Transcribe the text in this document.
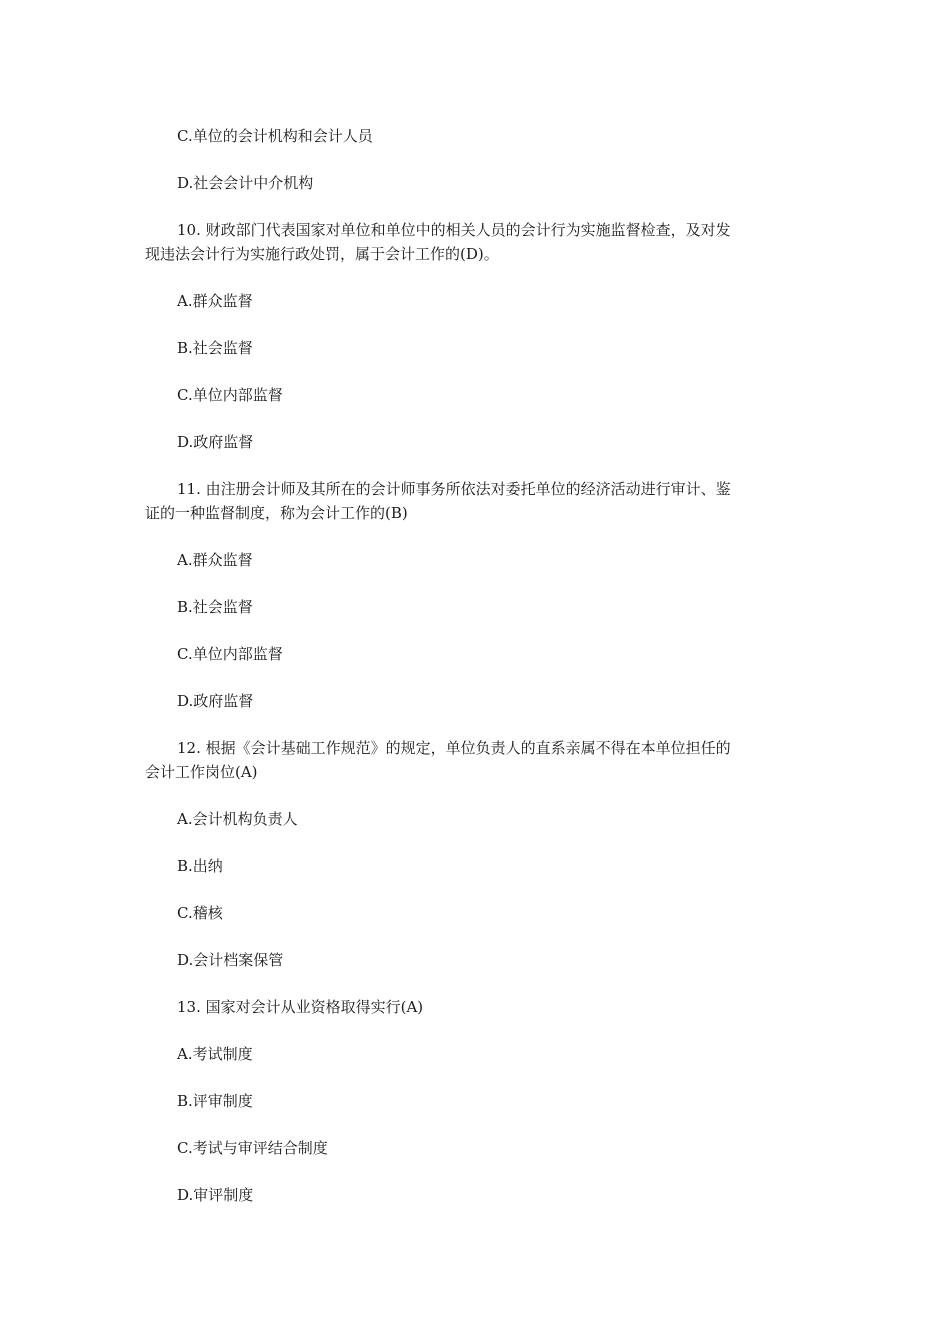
C.单位的会计机构和会计人员
D.社会会计中介机构
10. 财政部门代表国家对单位和单位中的相关人员的会计行为实施监督检查，及对发
现违法会计行为实施行政处罚，属于会计工作的(D)。
A.群众监督
B.社会监督
C.单位内部监督
D.政府监督
11. 由注册会计师及其所在的会计师事务所依法对委托单位的经济活动进行审计、鉴
证的一种监督制度，称为会计工作的(B)
A.群众监督
B.社会监督
C.单位内部监督
D.政府监督
12. 根据《会计基础工作规范》的规定，单位负责人的直系亲属不得在本单位担任的
会计工作岗位(A)
A.会计机构负责人
B.出纳
C.稽核
D.会计档案保管
13. 国家对会计从业资格取得实行(A)
A.考试制度
B.评审制度
C.考试与审评结合制度
D.审评制度
